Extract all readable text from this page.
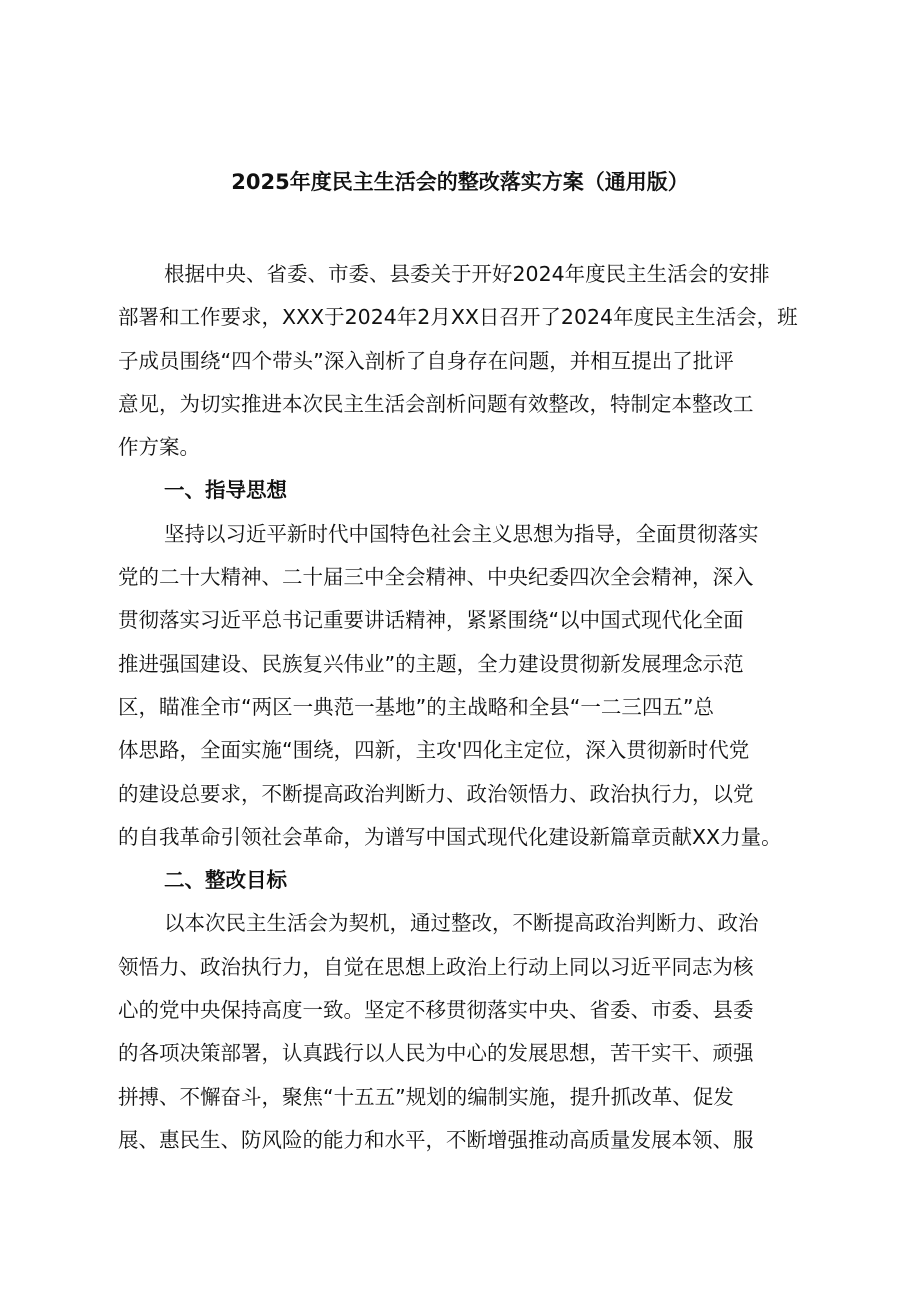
2025年度民主生活会的整改落实方案（通用版）
根据中央、省委、市委、县委关于开好2024年度民主生活会的安排
部署和工作要求，XXX于2024年2月XX日召开了2024年度民主生活会，班
子成员围绕“四个带头”深入剖析了自身存在问题，并相互提出了批评
意见，为切实推进本次民主生活会剖析问题有效整改，特制定本整改工
作方案。
一、指导思想
坚持以习近平新时代中国特色社会主义思想为指导，全面贯彻落实
党的二十大精神、二十届三中全会精神、中央纪委四次全会精神，深入
贯彻落实习近平总书记重要讲话精神，紧紧围绕“以中国式现代化全面
推进强国建设、民族复兴伟业”的主题，全力建设贯彻新发展理念示范
区，瞄准全市“两区一典范一基地”的主战略和全县“一二三四五”总
体思路，全面实施“围绕，四新，主攻'四化主定位，深入贯彻新时代党
的建设总要求，不断提高政治判断力、政治领悟力、政治执行力，以党
的自我革命引领社会革命，为谱写中国式现代化建设新篇章贡献XX力量。
二、整改目标
以本次民主生活会为契机，通过整改，不断提高政治判断力、政治
领悟力、政治执行力，自觉在思想上政治上行动上同以习近平同志为核
心的党中央保持高度一致。坚定不移贯彻落实中央、省委、市委、县委
的各项决策部署，认真践行以人民为中心的发展思想，苦干实干、顽强
拼搏、不懈奋斗，聚焦“十五五”规划的编制实施，提升抓改革、促发
展、惠民生、防风险的能力和水平，不断增强推动高质量发展本领、服
